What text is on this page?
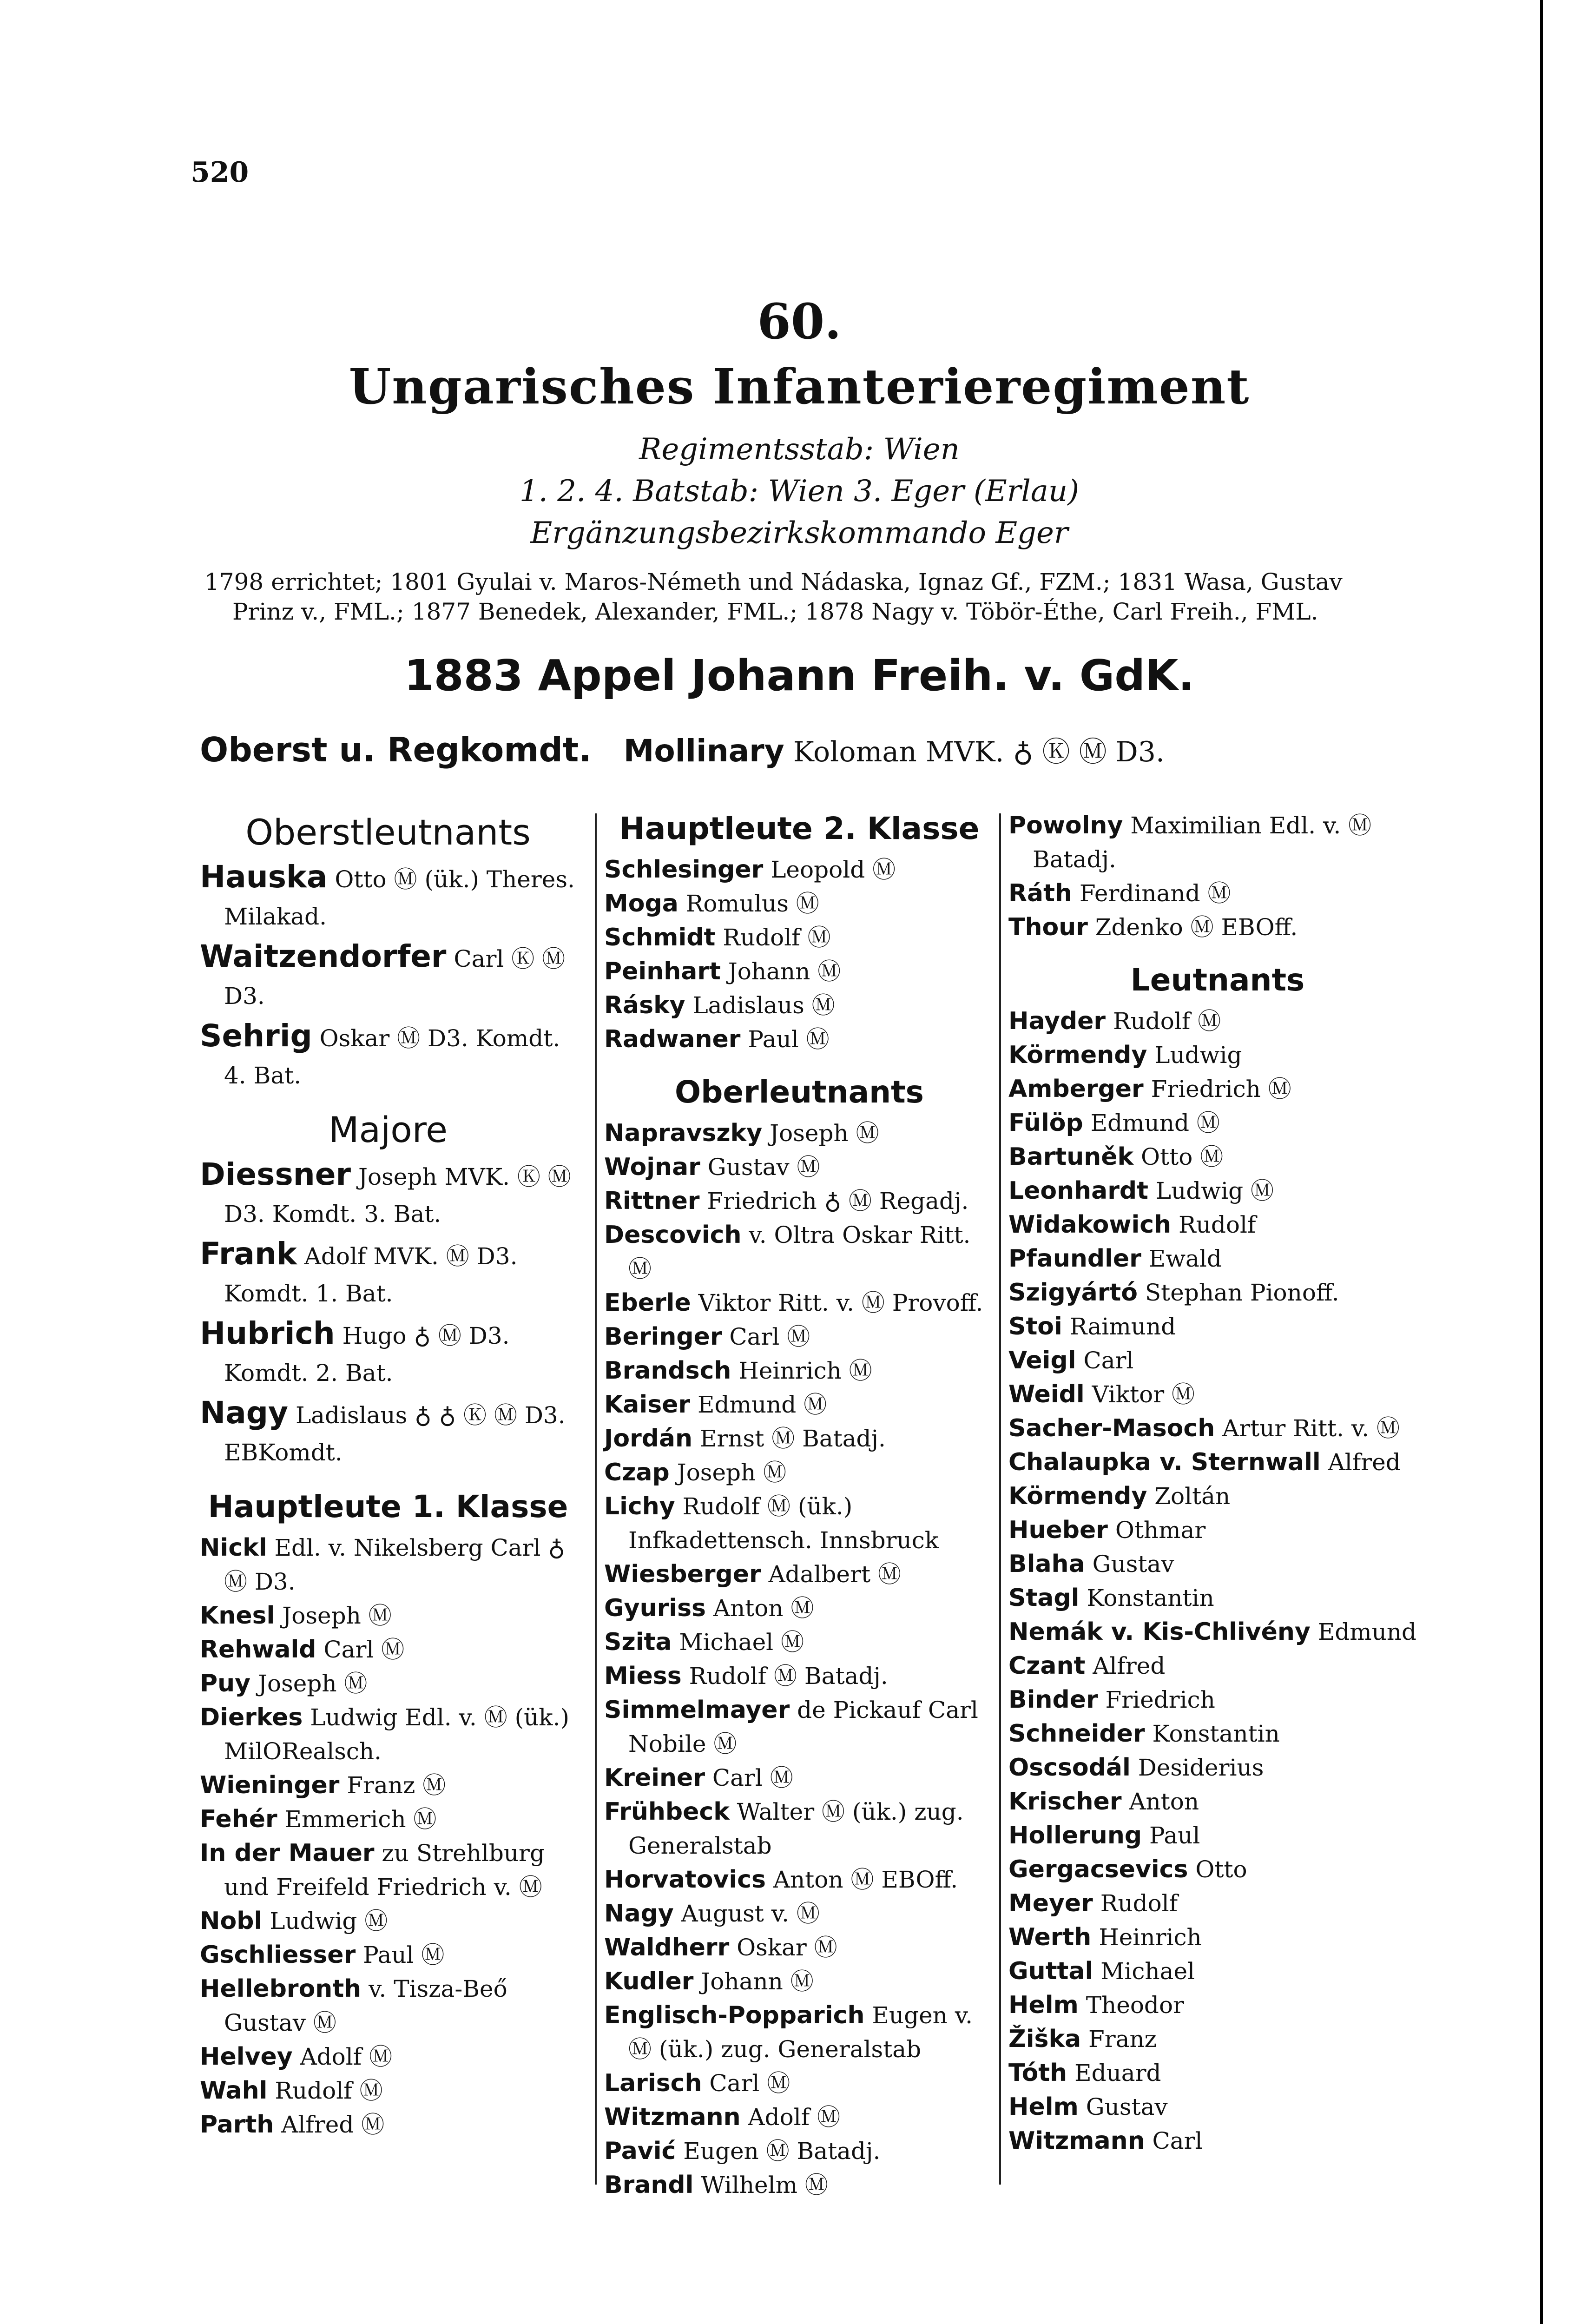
520
60.
Ungarisches Infanterieregiment
Regimentsstab: Wien
1. 2. 4. Batstab: Wien 3. Eger (Erlau)
Ergänzungsbezirkskommando Eger
1798 errichtet; 1801 Gyulai v. Maros-Németh und Nádaska, Ignaz Gf., FZM.; 1831 Wasa, Gustav
Prinz v., FML.; 1877 Benedek, Alexander, FML.; 1878 Nagy v. Töbör-Éthe, Carl Freih., FML.
1883 Appel Johann Freih. v. GdK.
Oberst u. Regkomdt. Mollinary Koloman MVK. ♁ Ⓚ Ⓜ D3.
Oberstleutnants
Hauska Otto Ⓜ (ük.) Theres. Milakad.
Waitzendorfer Carl Ⓚ Ⓜ D3.
Sehrig Oskar Ⓜ D3. Komdt. 4. Bat.
Majore
Diessner Joseph MVK. Ⓚ Ⓜ D3. Komdt. 3. Bat.
Frank Adolf MVK. Ⓜ D3. Komdt. 1. Bat.
Hubrich Hugo ♁ Ⓜ D3. Komdt. 2. Bat.
Nagy Ladislaus ♁ ♁ Ⓚ Ⓜ D3. EBKomdt.
Hauptleute 1. Klasse
Nickl Edl. v. Nikelsberg Carl ♁ Ⓜ D3.
Knesl Joseph Ⓜ
Rehwald Carl Ⓜ
Puy Joseph Ⓜ
Dierkes Ludwig Edl. v. Ⓜ (ük.) MilORealsch.
Wieninger Franz Ⓜ
Fehér Emmerich Ⓜ
In der Mauer zu Strehlburg und Freifeld Friedrich v. Ⓜ
Nobl Ludwig Ⓜ
Gschliesser Paul Ⓜ
Hellebronth v. Tisza-Beő Gustav Ⓜ
Helvey Adolf Ⓜ
Wahl Rudolf Ⓜ
Parth Alfred Ⓜ
Hauptleute 2. Klasse
Schlesinger Leopold Ⓜ
Moga Romulus Ⓜ
Schmidt Rudolf Ⓜ
Peinhart Johann Ⓜ
Rásky Ladislaus Ⓜ
Radwaner Paul Ⓜ
Oberleutnants
Napravszky Joseph Ⓜ
Wojnar Gustav Ⓜ
Rittner Friedrich ♁ Ⓜ Regadj.
Descovich v. Oltra Oskar Ritt. Ⓜ
Eberle Viktor Ritt. v. Ⓜ Provoff.
Beringer Carl Ⓜ
Brandsch Heinrich Ⓜ
Kaiser Edmund Ⓜ
Jordán Ernst Ⓜ Batadj.
Czap Joseph Ⓜ
Lichy Rudolf Ⓜ (ük.) Infkadettensch. Innsbruck
Wiesberger Adalbert Ⓜ
Gyuriss Anton Ⓜ
Szita Michael Ⓜ
Miess Rudolf Ⓜ Batadj.
Simmelmayer de Pickauf Carl Nobile Ⓜ
Kreiner Carl Ⓜ
Frühbeck Walter Ⓜ (ük.) zug. Generalstab
Horvatovics Anton Ⓜ EBOff.
Nagy August v. Ⓜ
Waldherr Oskar Ⓜ
Kudler Johann Ⓜ
Englisch-Popparich Eugen v. Ⓜ (ük.) zug. Generalstab
Larisch Carl Ⓜ
Witzmann Adolf Ⓜ
Pavić Eugen Ⓜ Batadj.
Brandl Wilhelm Ⓜ
Powolny Maximilian Edl. v. Ⓜ Batadj.
Ráth Ferdinand Ⓜ
Thour Zdenko Ⓜ EBOff.
Leutnants
Hayder Rudolf Ⓜ
Körmendy Ludwig
Amberger Friedrich Ⓜ
Fülöp Edmund Ⓜ
Bartuněk Otto Ⓜ
Leonhardt Ludwig Ⓜ
Widakowich Rudolf
Pfaundler Ewald
Szigyártó Stephan Pionoff.
Stoi Raimund
Veigl Carl
Weidl Viktor Ⓜ
Sacher-Masoch Artur Ritt. v. Ⓜ
Chalaupka v. Sternwall Alfred
Körmendy Zoltán
Hueber Othmar
Blaha Gustav
Stagl Konstantin
Nemák v. Kis-Chlivény Edmund
Czant Alfred
Binder Friedrich
Schneider Konstantin
Oscsodál Desiderius
Krischer Anton
Hollerung Paul
Gergacsevics Otto
Meyer Rudolf
Werth Heinrich
Guttal Michael
Helm Theodor
Žiška Franz
Tóth Eduard
Helm Gustav
Witzmann Carl
